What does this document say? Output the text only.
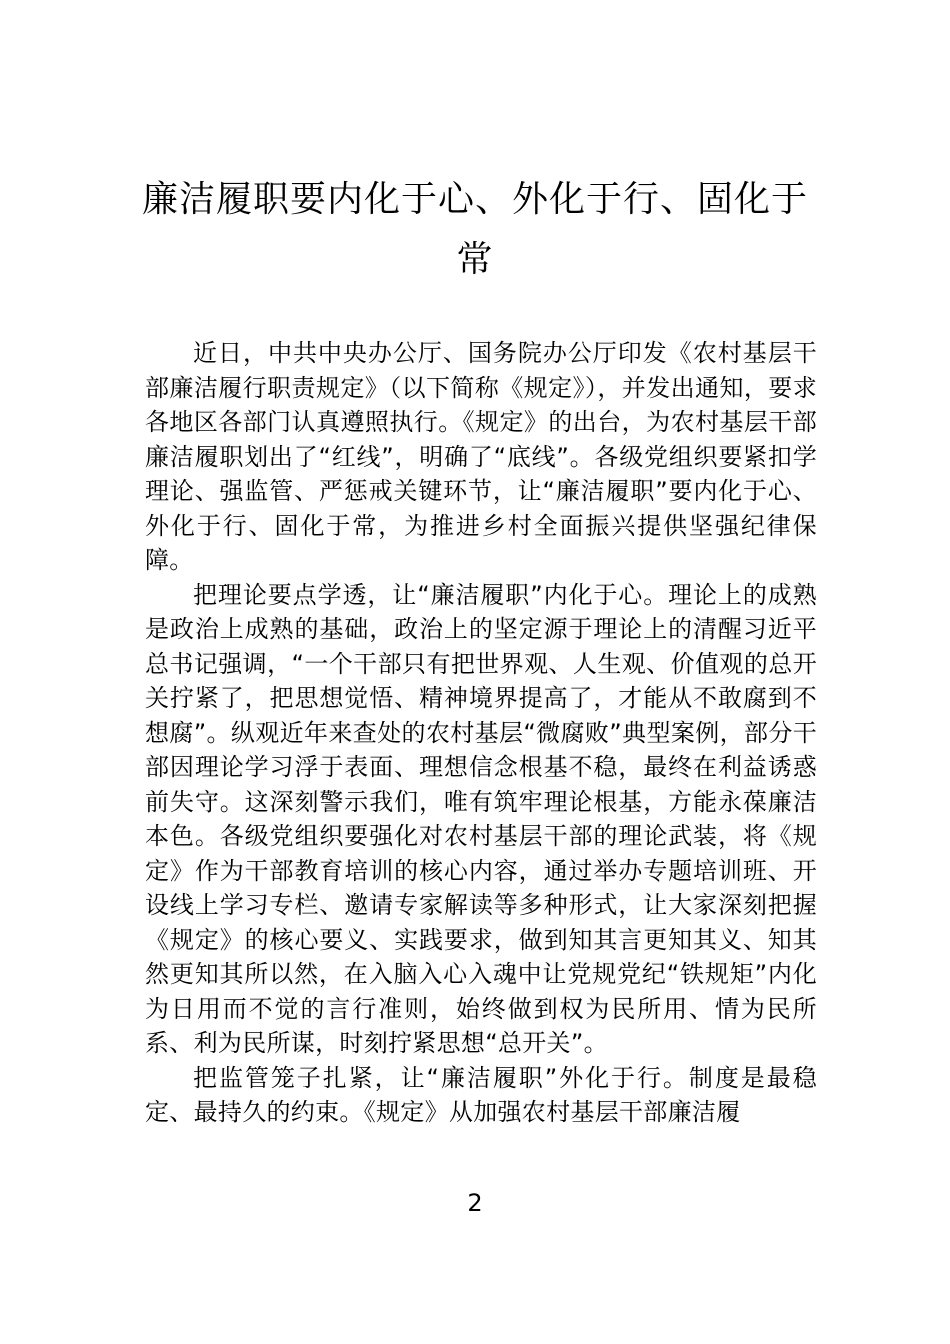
廉洁履职要内化于心、外化于行、固化于常

近日，中共中央办公厅、国务院办公厅印发《农村基层干部廉洁履行职责规定》（以下简称《规定》），并发出通知，要求各地区各部门认真遵照执行。《规定》的出台，为农村基层干部廉洁履职划出了“红线”，明确了“底线”。各级党组织要紧扣学理论、强监管、严惩戒关键环节，让“廉洁履职”要内化于心、外化于行、固化于常，为推进乡村全面振兴提供坚强纪律保障。

把理论要点学透，让“廉洁履职”内化于心。理论上的成熟是政治上成熟的基础，政治上的坚定源于理论上的清醒习近平总书记强调，“一个干部只有把世界观、人生观、价值观的总开关拧紧了，把思想觉悟、精神境界提高了，才能从不敢腐到不想腐”。纵观近年来查处的农村基层“微腐败”典型案例，部分干部因理论学习浮于表面、理想信念根基不稳，最终在利益诱惑前失守。这深刻警示我们，唯有筑牢理论根基，方能永葆廉洁本色。各级党组织要强化对农村基层干部的理论武装，将《规定》作为干部教育培训的核心内容，通过举办专题培训班、开设线上学习专栏、邀请专家解读等多种形式，让大家深刻把握《规定》的核心要义、实践要求，做到知其言更知其义、知其然更知其所以然，在入脑入心入魂中让党规党纪“铁规矩”内化为日用而不觉的言行准则，始终做到权为民所用、情为民所系、利为民所谋，时刻拧紧思想“总开关”。

把监管笼子扎紧，让“廉洁履职”外化于行。制度是最稳定、最持久的约束。《规定》从加强农村基层干部廉洁履

2
